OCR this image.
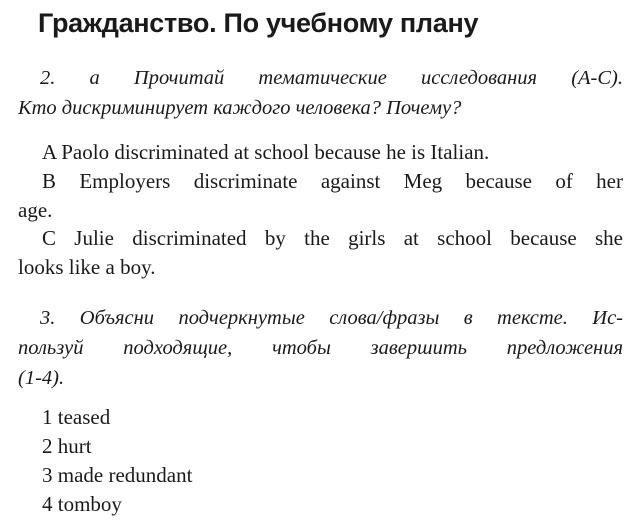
Гражданство. По учебному плану

2. а Прочитай тематические исследования (A-C).
Кто дискриминирует каждого человека? Почему?

A Paolo discriminated at school because he is Italian.

B Employers discriminate against Meg because of her
age.

C Julie discriminated by the girls at school because she
looks like a boy.

3. Объясни подчеркнутые слова/фразы в тексте. Ис-
пользуй подходящие, чтобы завершить предложения
(1-4).

1 teased
2 hurt
3 made redundant
4 tomboy
